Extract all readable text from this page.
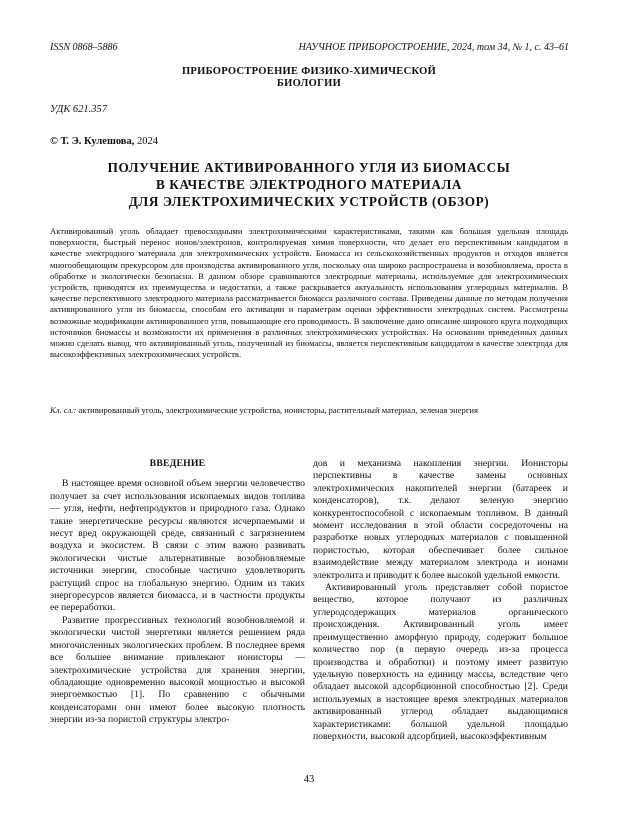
ISSN 0868–5886	НАУЧНОЕ ПРИБОРОСТРОЕНИЕ, 2024, том 34, № 1, с. 43–61
ПРИБОРОСТРОЕНИЕ ФИЗИКО-ХИМИЧЕСКОЙ
БИОЛОГИИ
УДК 621.357
© Т. Э. Кулешова, 2024
ПОЛУЧЕНИЕ АКТИВИРОВАННОГО УГЛЯ ИЗ БИОМАССЫ
В КАЧЕСТВЕ ЭЛЕКТРОДНОГО МАТЕРИАЛА
ДЛЯ ЭЛЕКТРОХИМИЧЕСКИХ УСТРОЙСТВ (ОБЗОР)
Активированный уголь обладает превосходными электрохимическими характеристиками, такими как большая удельная площадь поверхности, быстрый перенос ионов/электронов, контролируемая химия поверхности, что делает его перспективным кандидатом в качестве электродного материала для электрохимических устройств. Биомасса из сельскохозяйственных продуктов и отходов является многообещающим прекурсором для производства активированного угля, поскольку она широко распространена и возобновляема, проста в обработке и экологически безопасна. В данном обзоре сравниваются электродные материалы, используемые для электрохимических устройств, приводятся их преимущества и недостатки, а также раскрывается актуальность использования углеродных материалов. В качестве перспективного электродного материала рассматривается биомасса различного состава. Приведены данные по методам получения активированного угля из биомассы, способам его активации и параметрам оценки эффективности электродных систем. Рассмотрены возможные модификации активированного угля, повышающие его проводимость. В заключение дано описание широкого круга подходящих источников биомассы и возможности их применения в различных электрохимических устройствах. На основании приведенных данных можно сделать вывод, что активированный уголь, полученный из биомассы, является перспективным кандидатом в качестве электрода для высокоэффективных электрохимических устройств.
Кл. сл.: активированный уголь, электрохимические устройства, ионисторы, растительный материал, зеленая энергия

ВВЕДЕНИЕ

В настоящее время основной объем энергии человечество получает за счет использования ископаемых видов топлива — угля, нефти, нефтепродуктов и природного газа. Однако такие энергетические ресурсы являются исчерпаемыми и несут вред окружающей среде, связанный с загрязнением воздуха и экосистем. В связи с этим важно развивать экологически чистые альтернативные возобновляемые источники энергии, способные частично удовлетворить растущий спрос на глобальную энергию. Одним из таких энергоресурсов является биомасса, и в частности продукты ее переработки.

Развитие прогрессивных технологий возобновляемой и экологически чистой энергетики является решением ряда многочисленных экологических проблем. В последнее время все большее внимание привлекают ионисторы — электрохимические устройства для хранения энергии, обладающие одновременно высокой мощностью и высокой энергоемкостью [1]. По сравнению с обычными конденсаторами они имеют более высокую плотность энергии из-за пористой структуры электро-

дов и механизма накопления энергии. Ионисторы перспективны в качестве замены основных электрохимических накопителей энергии (батареек и конденсаторов), т.к. делают зеленую энергию конкурентоспособной с ископаемым топливом. В данный момент исследования в этой области сосредоточены на разработке новых углеродных материалов с повышенной пористостью, которая обеспечивает более сильное взаимодействие между материалом электрода и ионами электролита и приводит к более высокой удельной емкости.

Активированный уголь представляет собой пористое вещество, которое получают из различных углеродсодержащих материалов органического происхождения. Активированный уголь имеет преимущественно аморфную природу, содержит большое количество пор (в первую очередь из-за процесса производства и обработки) и поэтому имеет развитую удельную поверхность на единицу массы, вследствие чего обладает высокой адсорбционной способностью [2]. Среди используемых в настоящее время электродных материалов активированный углерод обладает выдающимися характеристиками: большой удельной площадью поверхности, высокой адсорбцией, высокоэффективным

43
